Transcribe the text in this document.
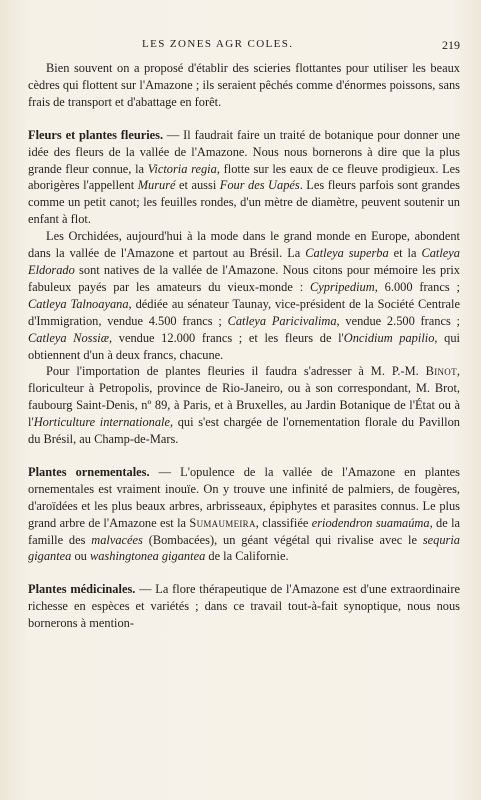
LES ZONES AGR COLES.	219

Bien souvent on a proposé d'établir des scieries flottantes pour utiliser les beaux cèdres qui flottent sur l'Amazone ; ils seraient pêchés comme d'énormes poissons, sans frais de transport et d'abattage en forêt.

Fleurs et plantes fleuries. — Il faudrait faire un traité de botanique pour donner une idée des fleurs de la vallée de l'Amazone. Nous nous bornerons à dire que la plus grande fleur connue, la Victoria regia, flotte sur les eaux de ce fleuve prodigieux. Les aborigères l'appellent Mururé et aussi Four des Uapés. Les fleurs parfois sont grandes comme un petit canot; les feuilles rondes, d'un mètre de diamètre, peuvent soutenir un enfant à flot.

Les Orchidées, aujourd'hui à la mode dans le grand monde en Europe, abondent dans la vallée de l'Amazone et partout au Brésil. La Catleya superba et la Catleya Eldorado sont natives de la vallée de l'Amazone. Nous citons pour mémoire les prix fabuleux payés par les amateurs du vieux-monde : Cypripedium, 6.000 francs ; Catleya Talnoayana, dédiée au sénateur Taunay, vice-président de la Société Centrale d'Immigration, vendue 4.500 francs ; Catleya Paricivalima, vendue 2.500 francs ; Catleya Nossiæ, vendue 12.000 francs ; et les fleurs de l'Oncidium papilio, qui obtiennent d'un à deux francs, chacune.

Pour l'importation de plantes fleuries il faudra s'adresser à M. P.-M. Binot, floriculteur à Petropolis, province de Rio-Janeiro, ou à son correspondant, M. Brot, faubourg Saint-Denis, nº 89, à Paris, et à Bruxelles, au Jardin Botanique de l'État ou à l'Horticulture internationale, qui s'est chargée de l'ornementation florale du Pavillon du Brésil, au Champ-de-Mars.

Plantes ornementales. — L'opulence de la vallée de l'Amazone en plantes ornementales est vraiment inouïe. On y trouve une infinité de palmiers, de fougères, d'aroïdées et les plus beaux arbres, arbrisseaux, épiphytes et parasites connus. Le plus grand arbre de l'Amazone est la Sumaumeira, classifiée eriodendron suamaúma, de la famille des malvacées (Bombacées), un géant végétal qui rivalise avec le sequria gigantea ou washingtonea gigantea de la Californie.

Plantes médicinales. — La flore thérapeutique de l'Amazone est d'une extraordinaire richesse en espèces et variétés ; dans ce travail tout-à-fait synoptique, nous nous bornerons à mention-
